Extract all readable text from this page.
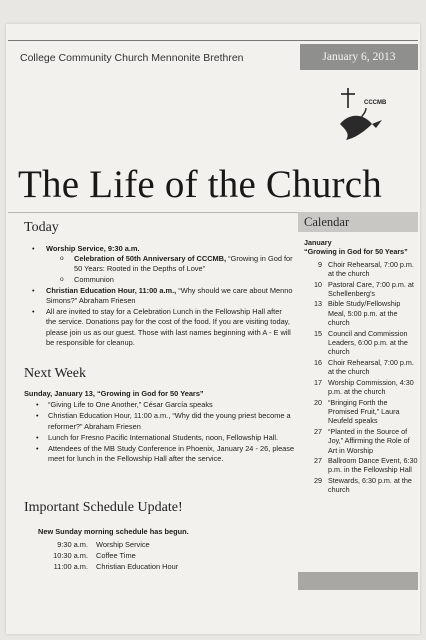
College Community Church Mennonite Brethren	January 6, 2013
CCCMB
The Life of the Church
Today
• Worship Service, 9:30 a.m.
o Celebration of 50th Anniversary of CCCMB, “Growing in God for 50 Years: Rooted in the Depths of Love”
o Communion
• Christian Education Hour, 11:00 a.m., “Why should we care about Menno Simons?” Abraham Friesen
• All are invited to stay for a Celebration Lunch in the Fellowship Hall after the service. Donations pay for the cost of the food. If you are visiting today, please join us as our guest. Those with last names beginning with A - E will be responsible for cleanup.
Next Week
Sunday, January 13, “Growing in God for 50 Years”
• “Giving Life to One Another,” César García speaks
• Christian Education Hour, 11:00 a.m., “Why did the young priest become a reformer?” Abraham Friesen
• Lunch for Fresno Pacific International Students, noon, Fellowship Hall.
• Attendees of the MB Study Conference in Phoenix, January 24 - 26, please meet for lunch in the Fellowship Hall after the service.
Important Schedule Update!
New Sunday morning schedule has begun.
9:30 a.m.	Worship Service
10:30 a.m.	Coffee Time
11:00 a.m.	Christian Education Hour
Calendar
January
“Growing in God for 50 Years”
9 Choir Rehearsal, 7:00 p.m. at the church
10 Pastoral Care, 7:00 p.m. at Schellenberg’s
13 Bible Study/Fellowship Meal, 5:00 p.m. at the church
15 Council and Commission Leaders, 6:00 p.m. at the church
16 Choir Rehearsal, 7:00 p.m. at the church
17 Worship Commission, 4:30 p.m. at the church
20 “Bringing Forth the Promised Fruit,” Laura Neufeld speaks
27 “Planted in the Source of Joy,” Affirming the Role of Art in Worship
27 Ballroom Dance Event, 6:30 p.m. in the Fellowship Hall
29 Stewards, 6:30 p.m. at the church
